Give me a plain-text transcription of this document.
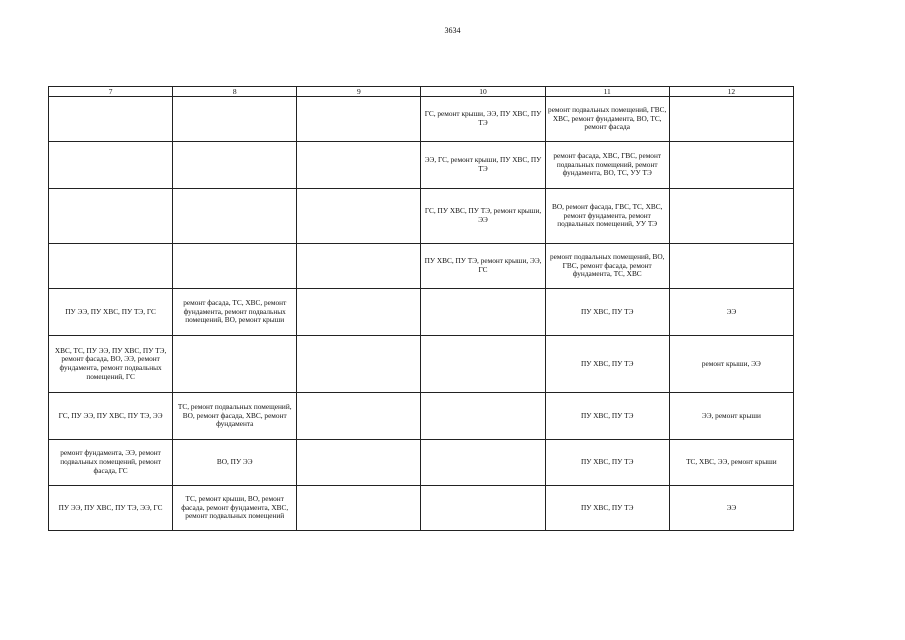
3634
7	8	9	10	11	12
			ГС, ремонт крыши, ЭЭ, ПУ ХВС, ПУ ТЭ	ремонт подвальных помещений, ГВС, ХВС, ремонт фундамента, ВО, ТС, ремонт фасада	
			ЭЭ, ГС, ремонт крыши, ПУ ХВС, ПУ ТЭ	ремонт фасада, ХВС, ГВС, ремонт подвальных помещений, ремонт фундамента, ВО, ТС, УУ ТЭ	
			ГС, ПУ ХВС, ПУ ТЭ, ремонт крыши, ЭЭ	ВО, ремонт фасада, ГВС, ТС, ХВС, ремонт фундамента, ремонт подвальных помещений, УУ ТЭ	
			ПУ ХВС, ПУ ТЭ, ремонт крыши, ЭЭ, ГС	ремонт подвальных помещений, ВО, ГВС, ремонт фасада, ремонт фундамента, ТС, ХВС	
ПУ ЭЭ, ПУ ХВС, ПУ ТЭ, ГС	ремонт фасада, ТС, ХВС, ремонт фундамента, ремонт подвальных помещений, ВО, ремонт крыши			ПУ ХВС, ПУ ТЭ	ЭЭ
ХВС, ТС, ПУ ЭЭ, ПУ ХВС, ПУ ТЭ, ремонт фасада, ВО, ЭЭ, ремонт фундамента, ремонт подвальных помещений, ГС				ПУ ХВС, ПУ ТЭ	ремонт крыши, ЭЭ
ГС, ПУ ЭЭ, ПУ ХВС, ПУ ТЭ, ЭЭ	ТС, ремонт подвальных помещений, ВО, ремонт фасада, ХВС, ремонт фундамента			ПУ ХВС, ПУ ТЭ	ЭЭ, ремонт крыши
ремонт фундамента, ЭЭ, ремонт подвальных помещений, ремонт фасада, ГС	ВО, ПУ ЭЭ			ПУ ХВС, ПУ ТЭ	ТС, ХВС, ЭЭ, ремонт крыши
ПУ ЭЭ, ПУ ХВС, ПУ ТЭ, ЭЭ, ГС	ТС, ремонт крыши, ВО, ремонт фасада, ремонт фундамента, ХВС, ремонт подвальных помещений			ПУ ХВС, ПУ ТЭ	ЭЭ
